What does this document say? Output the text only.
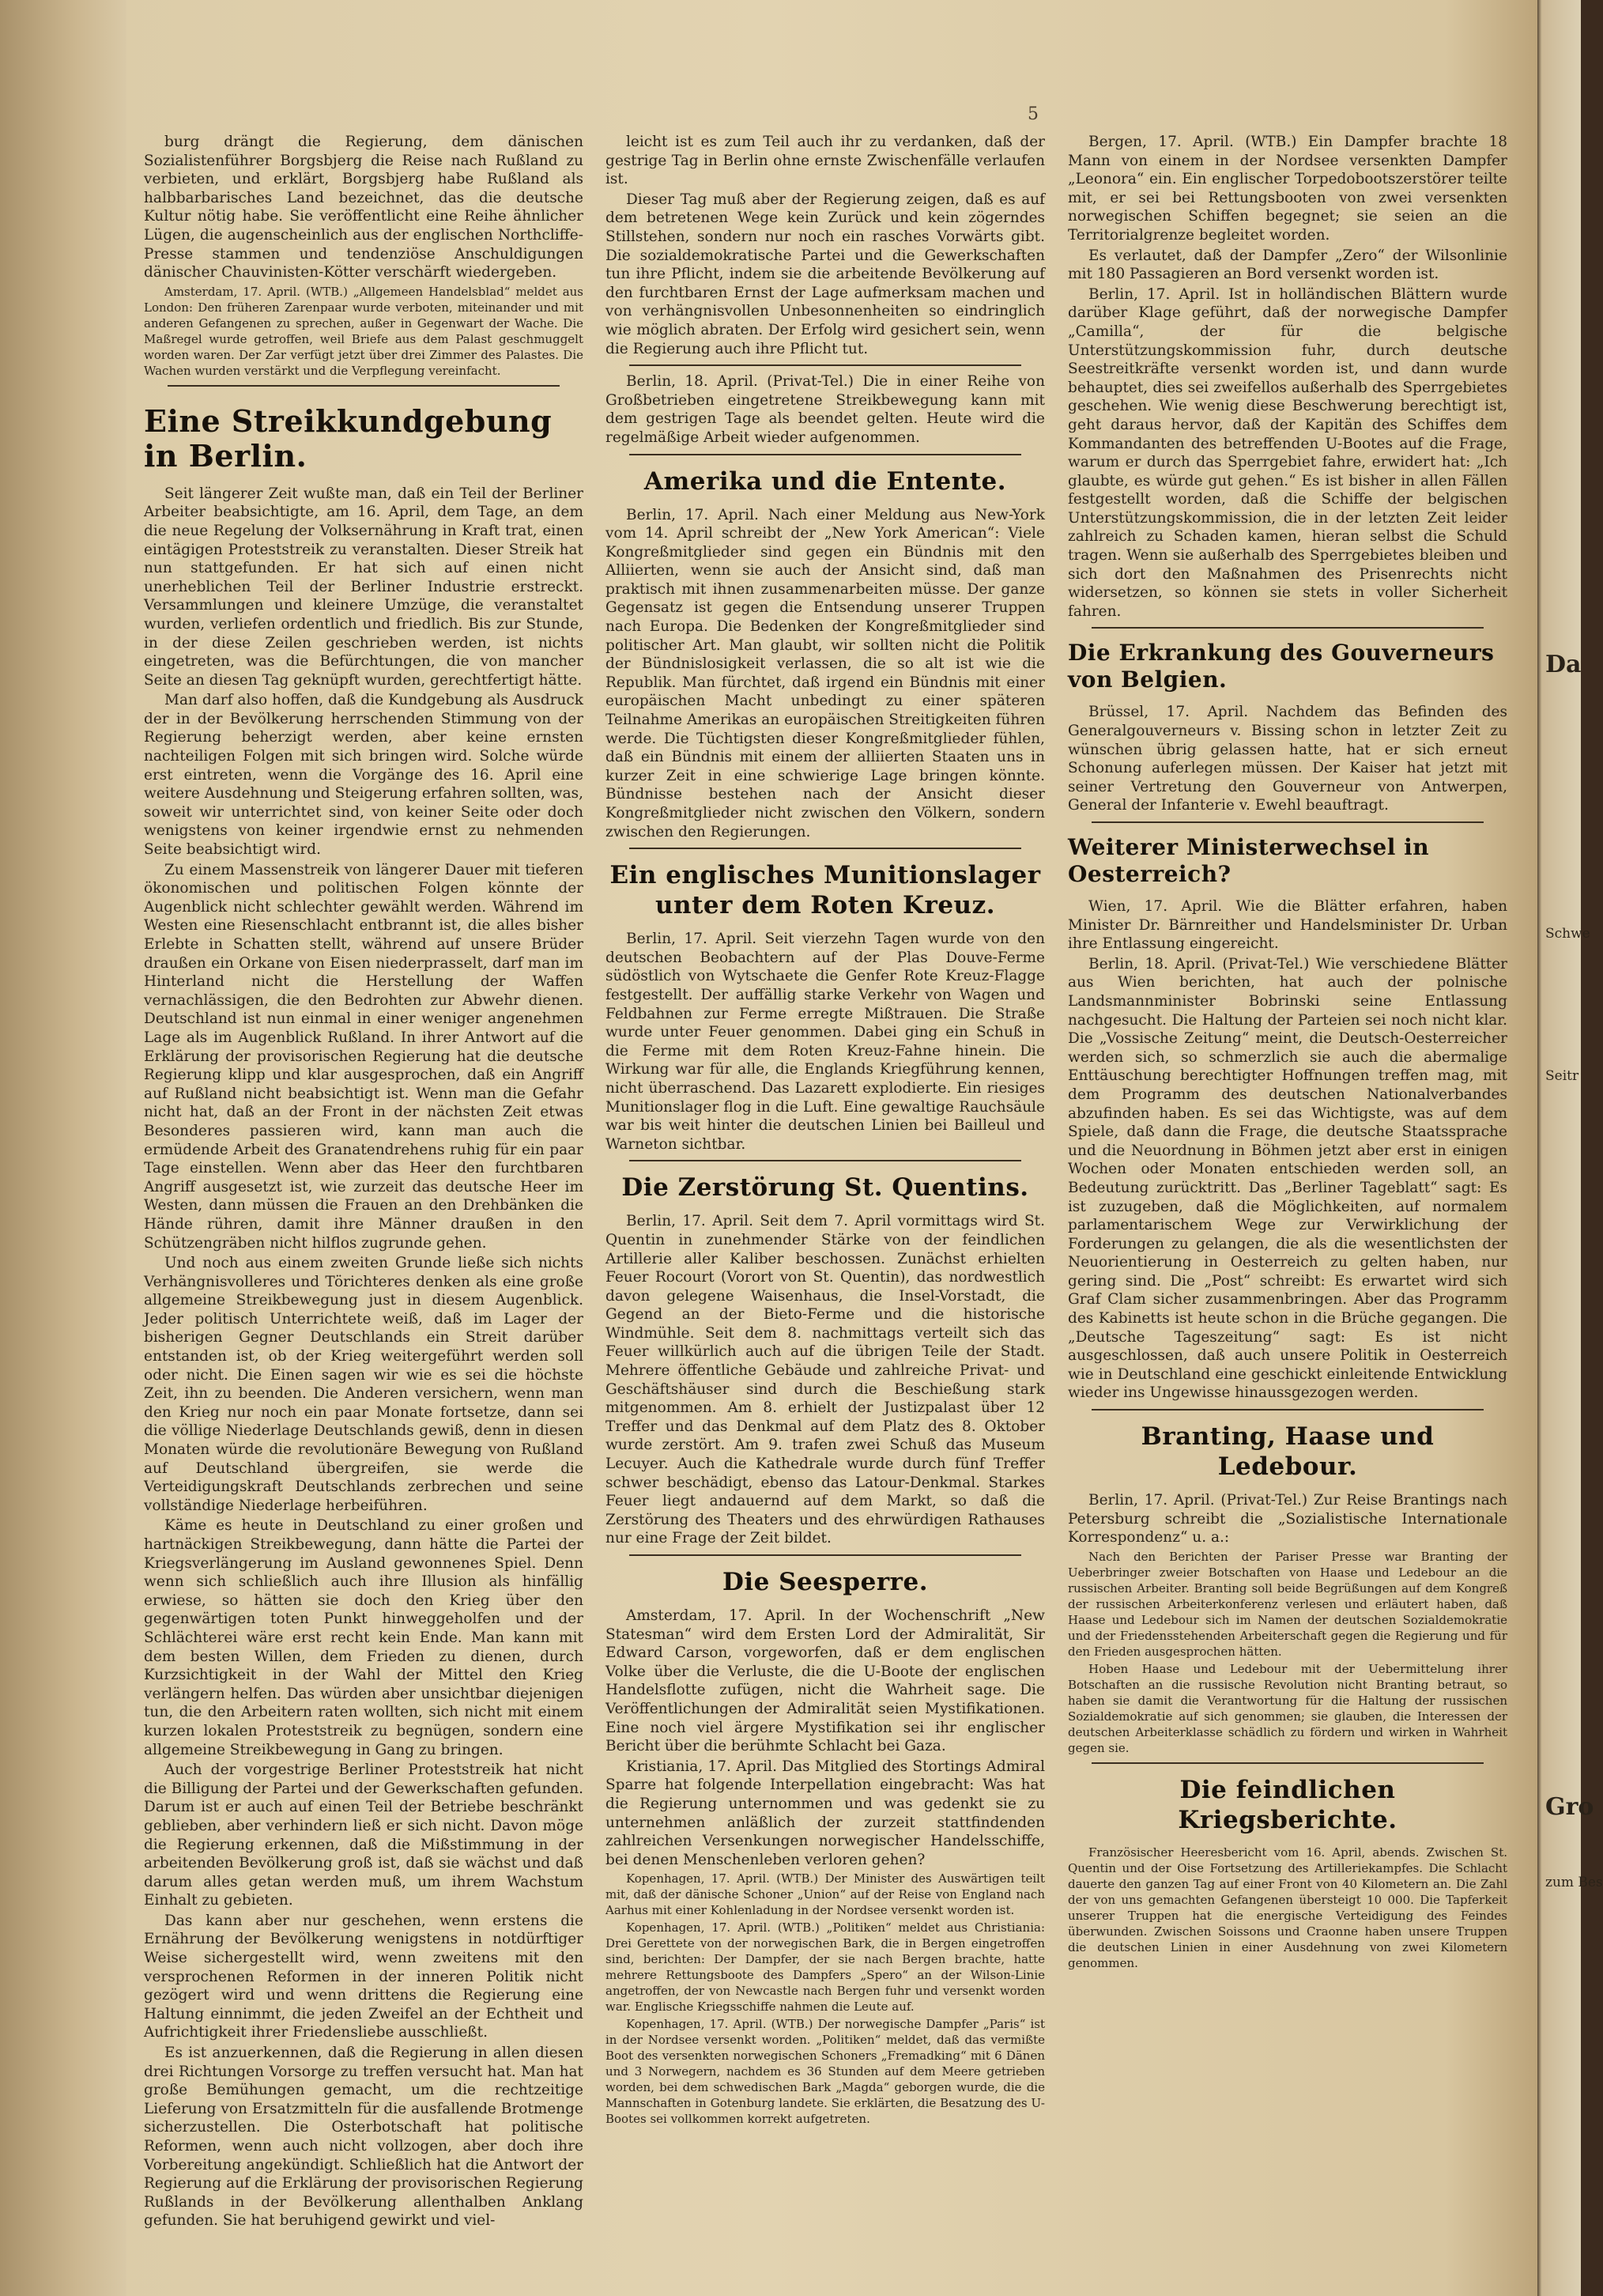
5

burg drängt die Regierung, dem dänischen Sozialistenführer Borgsbjerg die Reise nach Rußland zu verbieten, und erklärt, Borgsbjerg habe Rußland als halbbarbarisches Land bezeichnet, das die deutsche Kultur nötig habe. Sie veröffentlicht eine Reihe ähnlicher Lügen, die augenscheinlich aus der englischen Northcliffe-Presse stammen und tendenziöse Anschuldigungen dänischer Chauvinisten-Kötter verschärft wiedergeben.

Amsterdam, 17. April. (WTB.) „Allgemeen Handelsblad“ meldet aus London: Den früheren Zarenpaar wurde verboten, miteinander und mit anderen Gefangenen zu sprechen, außer in Gegenwart der Wache. Die Maßregel wurde getroffen, weil Briefe aus dem Palast geschmuggelt worden waren. Der Zar verfügt jetzt über drei Zimmer des Palastes. Die Wachen wurden verstärkt und die Verpflegung vereinfacht.

Eine Streikkundgebung in Berlin.

Seit längerer Zeit wußte man, daß ein Teil der Berliner Arbeiter beabsichtigte, am 16. April, dem Tage, an dem die neue Regelung der Volksernährung in Kraft trat, einen eintägigen Proteststreik zu veranstalten. Dieser Streik hat nun stattgefunden. Er hat sich auf einen nicht unerheblichen Teil der Berliner Industrie erstreckt. Versammlungen und kleinere Umzüge, die veranstaltet wurden, verliefen ordentlich und friedlich. Bis zur Stunde, in der diese Zeilen geschrieben werden, ist nichts eingetreten, was die Befürchtungen, die von mancher Seite an diesen Tag geknüpft wurden, gerechtfertigt hätte.

Man darf also hoffen, daß die Kundgebung als Ausdruck der in der Bevölkerung herrschenden Stimmung von der Regierung beherzigt werden, aber keine ernsten nachteiligen Folgen mit sich bringen wird. Solche würde erst eintreten, wenn die Vorgänge des 16. April eine weitere Ausdehnung und Steigerung erfahren sollten, was, soweit wir unterrichtet sind, von keiner Seite oder doch wenigstens von keiner irgendwie ernst zu nehmenden Seite beabsichtigt wird.

Zu einem Massenstreik von längerer Dauer mit tieferen ökonomischen und politischen Folgen könnte der Augenblick nicht schlechter gewählt werden. Während im Westen eine Riesenschlacht entbrannt ist, die alles bisher Erlebte in Schatten stellt, während auf unsere Brüder draußen ein Orkane von Eisen niederprasselt, darf man im Hinterland nicht die Herstellung der Waffen vernachlässigen, die den Bedrohten zur Abwehr dienen. Deutschland ist nun einmal in einer weniger angenehmen Lage als im Augenblick Rußland. In ihrer Antwort auf die Erklärung der provisorischen Regierung hat die deutsche Regierung klipp und klar ausgesprochen, daß ein Angriff auf Rußland nicht beabsichtigt ist. Wenn man die Gefahr nicht hat, daß an der Front in der nächsten Zeit etwas Besonderes passieren wird, kann man auch die ermüdende Arbeit des Granatendrehens ruhig für ein paar Tage einstellen. Wenn aber das Heer den furchtbaren Angriff ausgesetzt ist, wie zurzeit das deutsche Heer im Westen, dann müssen die Frauen an den Drehbänken die Hände rühren, damit ihre Männer draußen in den Schützengräben nicht hilflos zugrunde gehen.

Und noch aus einem zweiten Grunde ließe sich nichts Verhängnisvolleres und Törichteres denken als eine große allgemeine Streikbewegung just in diesem Augenblick. Jeder politisch Unterrichtete weiß, daß im Lager der bisherigen Gegner Deutschlands ein Streit darüber entstanden ist, ob der Krieg weitergeführt werden soll oder nicht. Die Einen sagen wir wie es sei die höchste Zeit, ihn zu beenden. Die Anderen versichern, wenn man den Krieg nur noch ein paar Monate fortsetze, dann sei die völlige Niederlage Deutschlands gewiß, denn in diesen Monaten würde die revolutionäre Bewegung von Rußland auf Deutschland übergreifen, sie werde die Verteidigungskraft Deutschlands zerbrechen und seine vollständige Niederlage herbeiführen.

Käme es heute in Deutschland zu einer großen und hartnäckigen Streikbewegung, dann hätte die Partei der Kriegsverlängerung im Ausland gewonnenes Spiel. Denn wenn sich schließlich auch ihre Illusion als hinfällig erwiese, so hätten sie doch den Krieg über den gegenwärtigen toten Punkt hinweggeholfen und der Schlächterei wäre erst recht kein Ende. Man kann mit dem besten Willen, dem Frieden zu dienen, durch Kurzsichtigkeit in der Wahl der Mittel den Krieg verlängern helfen. Das würden aber unsichtbar diejenigen tun, die den Arbeitern raten wollten, sich nicht mit einem kurzen lokalen Proteststreik zu begnügen, sondern eine allgemeine Streikbewegung in Gang zu bringen.

Auch der vorgestrige Berliner Proteststreik hat nicht die Billigung der Partei und der Gewerkschaften gefunden. Darum ist er auch auf einen Teil der Betriebe beschränkt geblieben, aber verhindern ließ er sich nicht. Davon möge die Regierung erkennen, daß die Mißstimmung in der arbeitenden Bevölkerung groß ist, daß sie wächst und daß darum alles getan werden muß, um ihrem Wachstum Einhalt zu gebieten.

Das kann aber nur geschehen, wenn erstens die Ernährung der Bevölkerung wenigstens in notdürftiger Weise sichergestellt wird, wenn zweitens mit den versprochenen Reformen in der inneren Politik nicht gezögert wird und wenn drittens die Regierung eine Haltung einnimmt, die jeden Zweifel an der Echtheit und Aufrichtigkeit ihrer Friedensliebe ausschließt.

Es ist anzuerkennen, daß die Regierung in allen diesen drei Richtungen Vorsorge zu treffen versucht hat. Man hat große Bemühungen gemacht, um die rechtzeitige Lieferung von Ersatzmitteln für die ausfallende Brotmenge sicherzustellen. Die Osterbotschaft hat politische Reformen, wenn auch nicht vollzogen, aber doch ihre Vorbereitung angekündigt. Schließlich hat die Antwort der Regierung auf die Erklärung der provisorischen Regierung Rußlands in der Bevölkerung allenthalben Anklang gefunden. Sie hat beruhigend gewirkt und viel-

leicht ist es zum Teil auch ihr zu verdanken, daß der gestrige Tag in Berlin ohne ernste Zwischenfälle verlaufen ist.

Dieser Tag muß aber der Regierung zeigen, daß es auf dem betretenen Wege kein Zurück und kein zögerndes Stillstehen, sondern nur noch ein rasches Vorwärts gibt. Die sozialdemokratische Partei und die Gewerkschaften tun ihre Pflicht, indem sie die arbeitende Bevölkerung auf den furchtbaren Ernst der Lage aufmerksam machen und von verhängnisvollen Unbesonnenheiten so eindringlich wie möglich abraten. Der Erfolg wird gesichert sein, wenn die Regierung auch ihre Pflicht tut.

Berlin, 18. April. (Privat-Tel.) Die in einer Reihe von Großbetrieben eingetretene Streikbewegung kann mit dem gestrigen Tage als beendet gelten. Heute wird die regelmäßige Arbeit wieder aufgenommen.

Amerika und die Entente.

Berlin, 17. April. Nach einer Meldung aus New-York vom 14. April schreibt der „New York American“: Viele Kongreßmitglieder sind gegen ein Bündnis mit den Alliierten, wenn sie auch der Ansicht sind, daß man praktisch mit ihnen zusammenarbeiten müsse. Der ganze Gegensatz ist gegen die Entsendung unserer Truppen nach Europa. Die Bedenken der Kongreßmitglieder sind politischer Art. Man glaubt, wir sollten nicht die Politik der Bündnislosigkeit verlassen, die so alt ist wie die Republik. Man fürchtet, daß irgend ein Bündnis mit einer europäischen Macht unbedingt zu einer späteren Teilnahme Amerikas an europäischen Streitigkeiten führen werde. Die Tüchtigsten dieser Kongreßmitglieder fühlen, daß ein Bündnis mit einem der alliierten Staaten uns in kurzer Zeit in eine schwierige Lage bringen könnte. Bündnisse bestehen nach der Ansicht dieser Kongreßmitglieder nicht zwischen den Völkern, sondern zwischen den Regierungen.

Ein englisches Munitionslager unter dem Roten Kreuz.

Berlin, 17. April. Seit vierzehn Tagen wurde von den deutschen Beobachtern auf der Plas Douve-Ferme südöstlich von Wytschaete die Genfer Rote Kreuz-Flagge festgestellt. Der auffällig starke Verkehr von Wagen und Feldbahnen zur Ferme erregte Mißtrauen. Die Straße wurde unter Feuer genommen. Dabei ging ein Schuß in die Ferme mit dem Roten Kreuz-Fahne hinein. Die Wirkung war für alle, die Englands Kriegführung kennen, nicht überraschend. Das Lazarett explodierte. Ein riesiges Munitionslager flog in die Luft. Eine gewaltige Rauchsäule war bis weit hinter die deutschen Linien bei Bailleul und Warneton sichtbar.

Die Zerstörung St. Quentins.

Berlin, 17. April. Seit dem 7. April vormittags wird St. Quentin in zunehmender Stärke von der feindlichen Artillerie aller Kaliber beschossen. Zunächst erhielten Feuer Rocourt (Vorort von St. Quentin), das nordwestlich davon gelegene Waisenhaus, die Insel-Vorstadt, die Gegend an der Bieto-Ferme und die historische Windmühle. Seit dem 8. nachmittags verteilt sich das Feuer willkürlich auch auf die übrigen Teile der Stadt. Mehrere öffentliche Gebäude und zahlreiche Privat- und Geschäftshäuser sind durch die Beschießung stark mitgenommen. Am 8. erhielt der Justizpalast über 12 Treffer und das Denkmal auf dem Platz des 8. Oktober wurde zerstört. Am 9. trafen zwei Schuß das Museum Lecuyer. Auch die Kathedrale wurde durch fünf Treffer schwer beschädigt, ebenso das Latour-Denkmal. Starkes Feuer liegt andauernd auf dem Markt, so daß die Zerstörung des Theaters und des ehrwürdigen Rathauses nur eine Frage der Zeit bildet.

Die Seesperre.

Amsterdam, 17. April. In der Wochenschrift „New Statesman“ wird dem Ersten Lord der Admiralität, Sir Edward Carson, vorgeworfen, daß er dem englischen Volke über die Verluste, die die U-Boote der englischen Handelsflotte zufügen, nicht die Wahrheit sage. Die Veröffentlichungen der Admiralität seien Mystifikationen. Eine noch viel ärgere Mystifikation sei ihr englischer Bericht über die berühmte Schlacht bei Gaza.

Kristiania, 17. April. Das Mitglied des Stortings Admiral Sparre hat folgende Interpellation eingebracht: Was hat die Regierung unternommen und was gedenkt sie zu unternehmen anläßlich der zurzeit stattfindenden zahlreichen Versenkungen norwegischer Handelsschiffe, bei denen Menschenleben verloren gehen?

Kopenhagen, 17. April. (WTB.) Der Minister des Auswärtigen teilt mit, daß der dänische Schoner „Union“ auf der Reise von England nach Aarhus mit einer Kohlenladung in der Nordsee versenkt worden ist.

Kopenhagen, 17. April. (WTB.) „Politiken“ meldet aus Christiania: Drei Gerettete von der norwegischen Bark, die in Bergen eingetroffen sind, berichten: Der Dampfer, der sie nach Bergen brachte, hatte mehrere Rettungsboote des Dampfers „Spero“ an der Wilson-Linie angetroffen, der von Newcastle nach Bergen fuhr und versenkt worden war. Englische Kriegsschiffe nahmen die Leute auf.

Kopenhagen, 17. April. (WTB.) Der norwegische Dampfer „Paris“ ist in der Nordsee versenkt worden. „Politiken“ meldet, daß das vermißte Boot des versenkten norwegischen Schoners „Fremadking“ mit 6 Dänen und 3 Norwegern, nachdem es 36 Stunden auf dem Meere getrieben worden, bei dem schwedischen Bark „Magda“ geborgen wurde, die die Mannschaften in Gotenburg landete. Sie erklärten, die Besatzung des U-Bootes sei vollkommen korrekt aufgetreten.

Bergen, 17. April. (WTB.) Ein Dampfer brachte 18 Mann von einem in der Nordsee versenkten Dampfer „Leonora“ ein. Ein englischer Torpedobootszerstörer teilte mit, er sei bei Rettungsbooten von zwei versenkten norwegischen Schiffen begegnet; sie seien an die Territorialgrenze begleitet worden.

Es verlautet, daß der Dampfer „Zero“ der Wilsonlinie mit 180 Passagieren an Bord versenkt worden ist.

Berlin, 17. April. Ist in holländischen Blättern wurde darüber Klage geführt, daß der norwegische Dampfer „Camilla“, der für die belgische Unterstützungskommission fuhr, durch deutsche Seestreitkräfte versenkt worden ist, und dann wurde behauptet, dies sei zweifellos außerhalb des Sperrgebietes geschehen. Wie wenig diese Beschwerung berechtigt ist, geht daraus hervor, daß der Kapitän des Schiffes dem Kommandanten des betreffenden U-Bootes auf die Frage, warum er durch das Sperrgebiet fahre, erwidert hat: „Ich glaubte, es würde gut gehen.“ Es ist bisher in allen Fällen festgestellt worden, daß die Schiffe der belgischen Unterstützungskommission, die in der letzten Zeit leider zahlreich zu Schaden kamen, hieran selbst die Schuld tragen. Wenn sie außerhalb des Sperrgebietes bleiben und sich dort den Maßnahmen des Prisenrechts nicht widersetzen, so können sie stets in voller Sicherheit fahren.

Die Erkrankung des Gouverneurs von Belgien.

Brüssel, 17. April. Nachdem das Befinden des Generalgouverneurs v. Bissing schon in letzter Zeit zu wünschen übrig gelassen hatte, hat er sich erneut Schonung auferlegen müssen. Der Kaiser hat jetzt mit seiner Vertretung den Gouverneur von Antwerpen, General der Infanterie v. Ewehl beauftragt.

Weiterer Ministerwechsel in Oesterreich?

Wien, 17. April. Wie die Blätter erfahren, haben Minister Dr. Bärnreither und Handelsminister Dr. Urban ihre Entlassung eingereicht.

Berlin, 18. April. (Privat-Tel.) Wie verschiedene Blätter aus Wien berichten, hat auch der polnische Landsmannminister Bobrinski seine Entlassung nachgesucht. Die Haltung der Parteien sei noch nicht klar. Die „Vossische Zeitung“ meint, die Deutsch-Oesterreicher werden sich, so schmerzlich sie auch die abermalige Enttäuschung berechtigter Hoffnungen treffen mag, mit dem Programm des deutschen Nationalverbandes abzufinden haben. Es sei das Wichtigste, was auf dem Spiele, daß dann die Frage, die deutsche Staatssprache und die Neuordnung in Böhmen jetzt aber erst in einigen Wochen oder Monaten entschieden werden soll, an Bedeutung zurücktritt. Das „Berliner Tageblatt“ sagt: Es ist zuzugeben, daß die Möglichkeiten, auf normalem parlamentarischem Wege zur Verwirklichung der Forderungen zu gelangen, die als die wesentlichsten der Neuorientierung in Oesterreich zu gelten haben, nur gering sind. Die „Post“ schreibt: Es erwartet wird sich Graf Clam sicher zusammenbringen. Aber das Programm des Kabinetts ist heute schon in die Brüche gegangen. Die „Deutsche Tageszeitung“ sagt: Es ist nicht ausgeschlossen, daß auch unsere Politik in Oesterreich wie in Deutschland eine geschickt einleitende Entwicklung wieder ins Ungewisse hinaussgezogen werden.

Branting, Haase und Ledebour.

Berlin, 17. April. (Privat-Tel.) Zur Reise Brantings nach Petersburg schreibt die „Sozialistische Internationale Korrespondenz“ u. a.:

Nach den Berichten der Pariser Presse war Branting der Ueberbringer zweier Botschaften von Haase und Ledebour an die russischen Arbeiter. Branting soll beide Begrüßungen auf dem Kongreß der russischen Arbeiterkonferenz verlesen und erläutert haben, daß Haase und Ledebour sich im Namen der deutschen Sozialdemokratie und der Friedensstehenden Arbeiterschaft gegen die Regierung und für den Frieden ausgesprochen hätten.

Hoben Haase und Ledebour mit der Uebermittelung ihrer Botschaften an die russische Revolution nicht Branting betraut, so haben sie damit die Verantwortung für die Haltung der russischen Sozialdemokratie auf sich genommen; sie glauben, die Interessen der deutschen Arbeiterklasse schädlich zu fördern und wirken in Wahrheit gegen sie.

Die feindlichen Kriegsberichte.

Französischer Heeresbericht vom 16. April, abends. Zwischen St. Quentin und der Oise Fortsetzung des Artilleriekampfes. Die Schlacht dauerte den ganzen Tag auf einer Front von 40 Kilometern an. Die Zahl der von uns gemachten Gefangenen übersteigt 10 000. Die Tapferkeit unserer Truppen hat die energische Verteidigung des Feindes überwunden. Zwischen Soissons und Craonne haben unsere Truppen die deutschen Linien in einer Ausdehnung von zwei Kilometern genommen.

Da
Gro
zum Bes
Schwe
Seitr
